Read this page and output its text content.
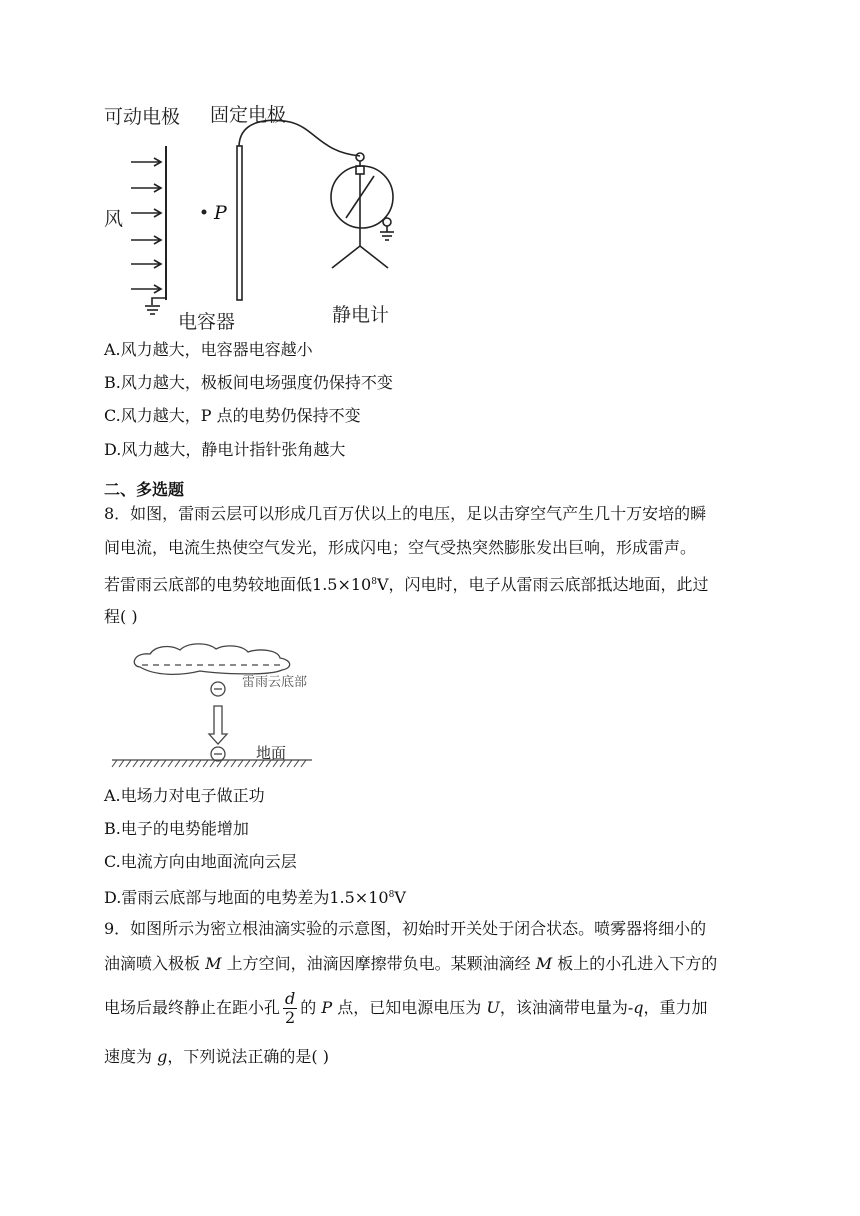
可动电极 固定电极
风	P
电容器	静电计
A.风力越大，电容器电容越小
B.风力越大，极板间电场强度仍保持不变
C.风力越大，P 点的电势仍保持不变
D.风力越大，静电计指针张角越大
二、多选题
8．如图，雷雨云层可以形成几百万伏以上的电压，足以击穿空气产生几十万安培的瞬
间电流，电流生热使空气发光，形成闪电；空气受热突然膨胀发出巨响，形成雷声。
若雷雨云底部的电势较地面低$1.5\times 10^8V$，闪电时，电子从雷雨云底部抵达地面，此过
程( )
雷雨云底部
地面
A.电场力对电子做正功
B.电子的电势能增加
C.电流方向由地面流向云层
D.雷雨云底部与地面的电势差为$1.5\times 10^8V$
9．如图所示为密立根油滴实验的示意图，初始时开关处于闭合状态。喷雾器将细小的
油滴喷入极板 M 上方空间，油滴因摩擦带负电。某颗油滴经 M 板上的小孔进入下方的
电场后最终静止在距小孔 $\frac{d}{2}$ 的 P 点，已知电源电压为 U，该油滴带电量为-q，重力加
速度为 g，下列说法正确的是( )
